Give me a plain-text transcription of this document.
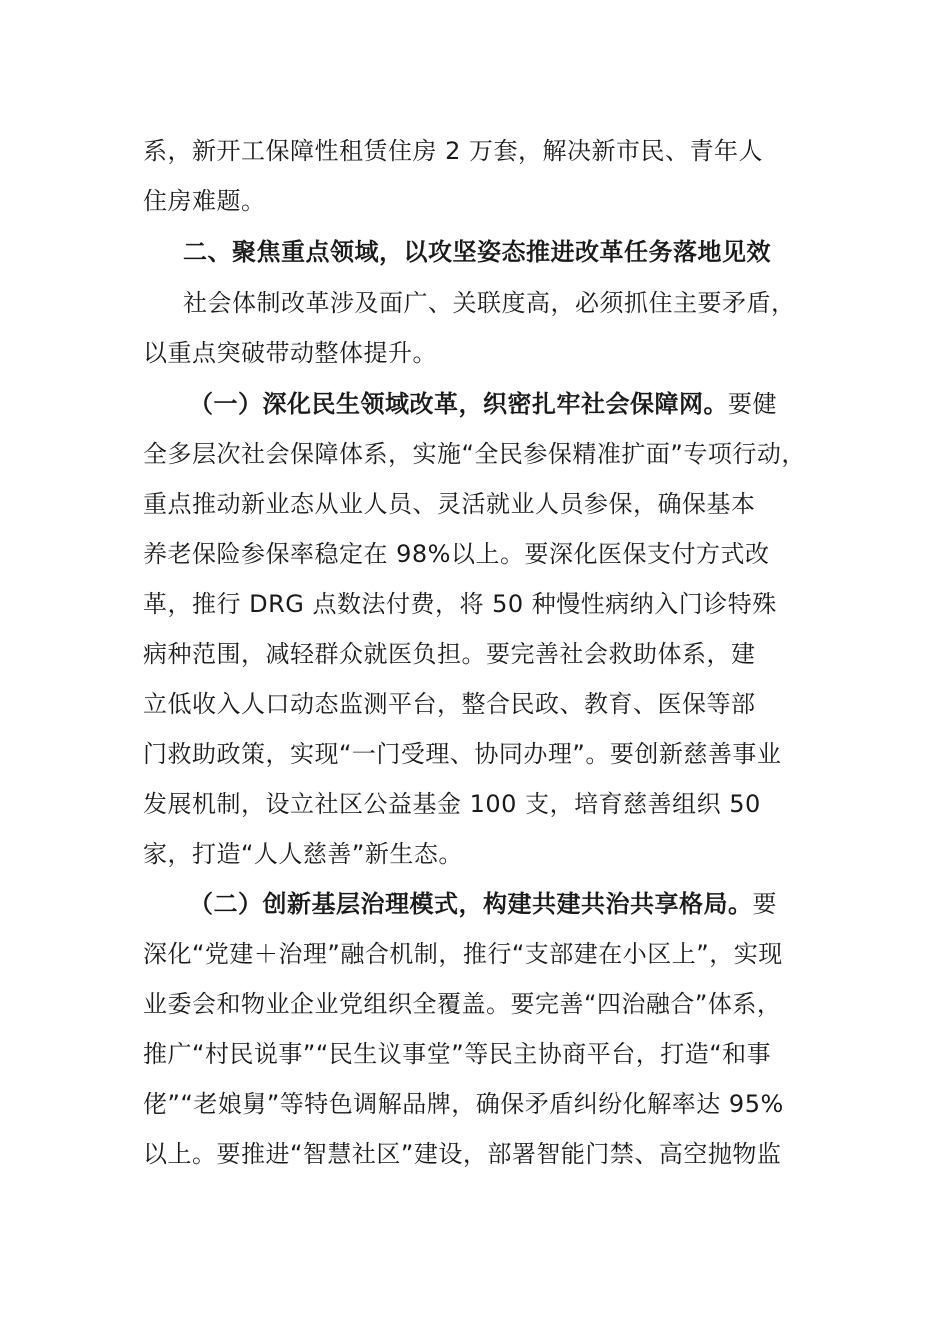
系，新开工保障性租赁住房 2 万套，解决新市民、青年人
住房难题。
二、聚焦重点领域，以攻坚姿态推进改革任务落地见效
社会体制改革涉及面广、关联度高，必须抓住主要矛盾，
以重点突破带动整体提升。
（一）深化民生领域改革，织密扎牢社会保障网。要健
全多层次社会保障体系，实施“全民参保精准扩面”专项行动，
重点推动新业态从业人员、灵活就业人员参保，确保基本
养老保险参保率稳定在 98%以上。要深化医保支付方式改
革，推行 DRG 点数法付费，将 50 种慢性病纳入门诊特殊
病种范围，减轻群众就医负担。要完善社会救助体系，建
立低收入人口动态监测平台，整合民政、教育、医保等部
门救助政策，实现“一门受理、协同办理”。要创新慈善事业
发展机制，设立社区公益基金 100 支，培育慈善组织 50
家，打造“人人慈善”新生态。
（二）创新基层治理模式，构建共建共治共享格局。要
深化“党建＋治理”融合机制，推行“支部建在小区上”，实现
业委会和物业企业党组织全覆盖。要完善“四治融合”体系，
推广“村民说事”“民生议事堂”等民主协商平台，打造“和事
佬”“老娘舅”等特色调解品牌，确保矛盾纠纷化解率达 95%
以上。要推进“智慧社区”建设，部署智能门禁、高空抛物监
